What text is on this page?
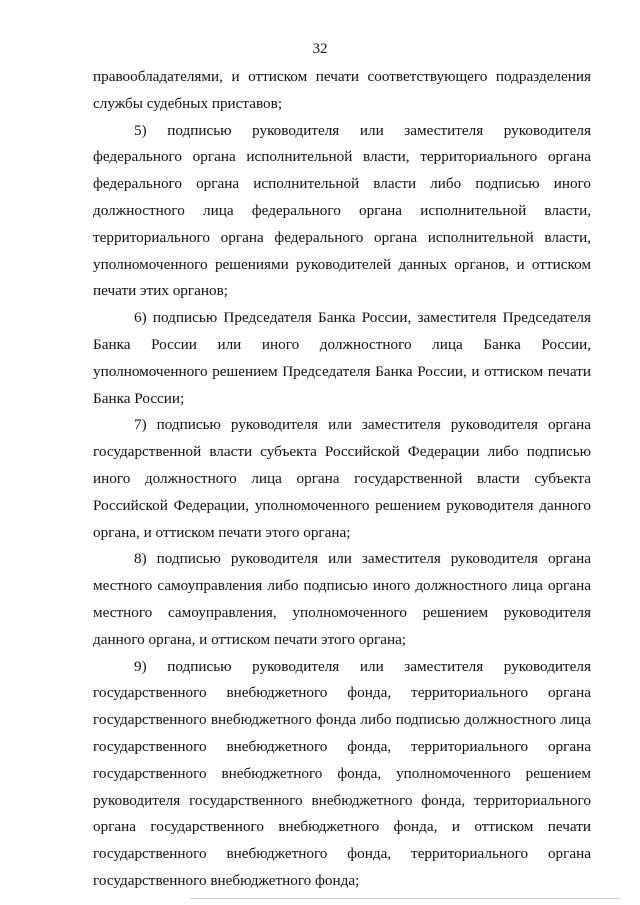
32

правообладателями, и оттиском печати соответствующего подразделения службы судебных приставов;

5) подписью руководителя или заместителя руководителя федерального органа исполнительной власти, территориального органа федерального органа исполнительной власти либо подписью иного должностного лица федерального органа исполнительной власти, территориального органа федерального органа исполнительной власти, уполномоченного решениями руководителей данных органов, и оттиском печати этих органов;

6) подписью Председателя Банка России, заместителя Председателя Банка России или иного должностного лица Банка России, уполномоченного решением Председателя Банка России, и оттиском печати Банка России;

7) подписью руководителя или заместителя руководителя органа государственной власти субъекта Российской Федерации либо подписью иного должностного лица органа государственной власти субъекта Российской Федерации, уполномоченного решением руководителя данного органа, и оттиском печати этого органа;

8) подписью руководителя или заместителя руководителя органа местного самоуправления либо подписью иного должностного лица органа местного самоуправления, уполномоченного решением руководителя данного органа, и оттиском печати этого органа;

9) подписью руководителя или заместителя руководителя государственного внебюджетного фонда, территориального органа государственного внебюджетного фонда либо подписью должностного лица государственного внебюджетного фонда, территориального органа государственного внебюджетного фонда, уполномоченного решением руководителя государственного внебюджетного фонда, территориального органа государственного внебюджетного фонда, и оттиском печати государственного внебюджетного фонда, территориального органа государственного внебюджетного фонда;
